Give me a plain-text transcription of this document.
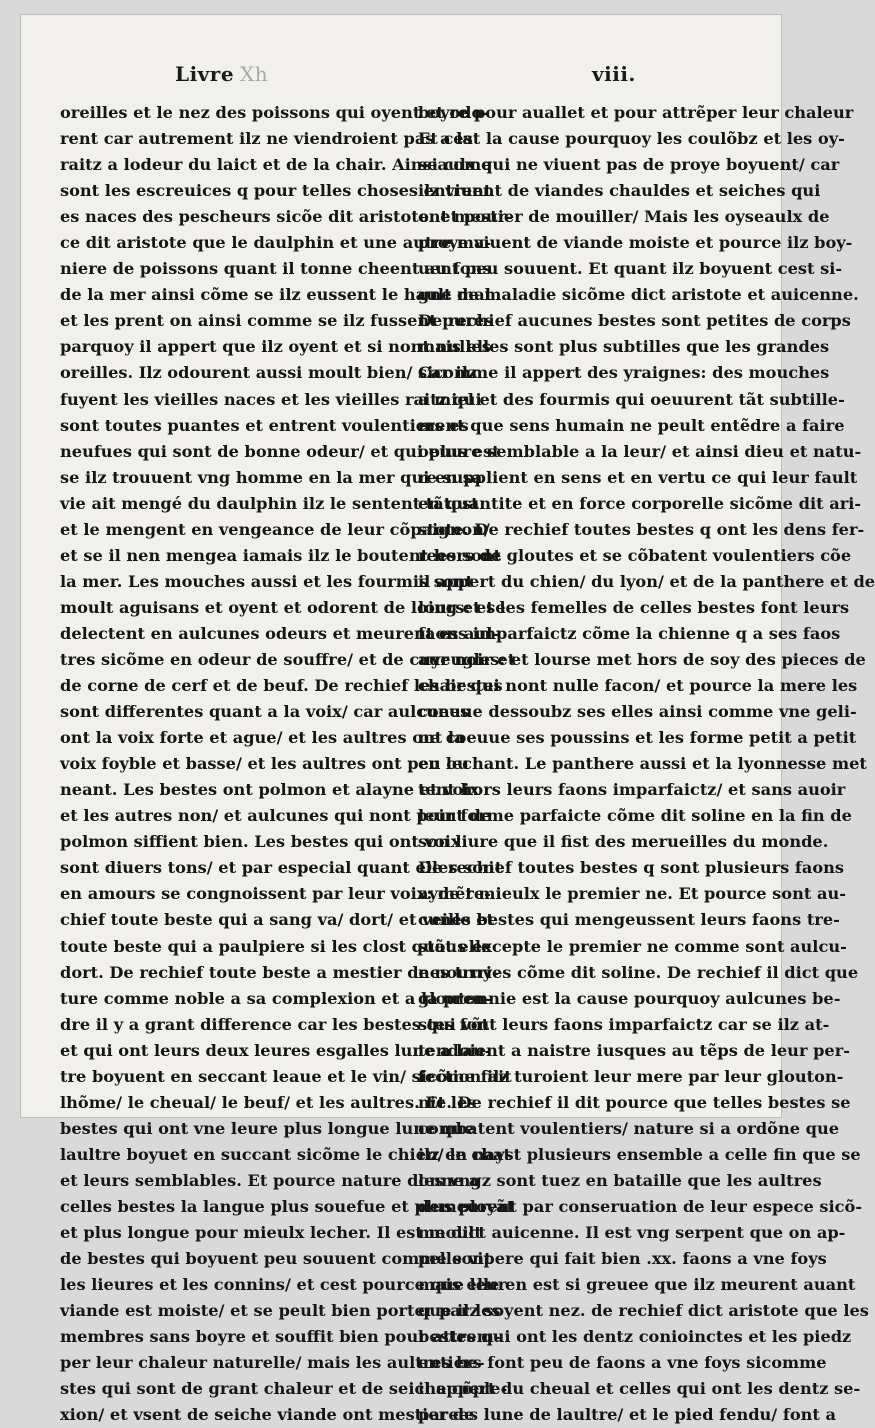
Livre Xh	viii.
oreilles et le nez des poissons qui oyent et odo-
rent car autrement ilz ne viendroient pas a la
raitz a lodeur du laict et de la chair. Ainsi come
sont les escreuices q pour telles choses entrent
es naces des pescheurs sicõe dit aristote. et pour-
ce dit aristote que le daulphin et une autre ma-
niere de poissons quant il tonne cheent au fons
de la mer ainsi cõme se ilz eussent le hault mal
et les prent on ainsi comme se ilz fussent pures
parquoy il appert que ilz oyent et si nont nulles
oreilles. Ilz odourent aussi moult bien/ Car ilz
fuyent les vieilles naces et les vieilles raitz qui
sont toutes puantes et entrent voulentiers es
neufues qui sont de bonne odeur/ et qui plus est
se ilz trouuent vng homme en la mer qui en sa
vie ait mengé du daulphin ilz le sentent tãtost
et le mengent en vengeance de leur cõpaignon/
et se il nen mengea iamais ilz le boutent hors de
la mer. Les mouches aussi et les fourmis sont
moult aguisans et oyent et odorent de loing et se
delectent en aulcunes odeurs et meurent es aul-
tres sicõme en odeur de souffre/ et de cuyr noir et
de corne de cerf et de beuf. De rechief les bestes
sont differentes quant a la voix/ car aulcunes
ont la voix forte et ague/ et les aultres ont la
voix foyble et basse/ et les aultres ont peu ou
neant. Les bestes ont polmon et alayne et voix
et les autres non/ et aulcunes qui nont point de
polmon siffient bien. Les bestes qui ont voix
sont diuers tons/ et par especial quant elles sont
en amours se congnoissent par leur voix: de re-
chief toute beste qui a sang va/ dort/ et veille et
toute beste qui a paulpiere si les clost quãt elle
dort. De rechief toute beste a mestier de nourri-
ture comme noble a sa complexion et a la pren-
dre il y a grant difference car les bestes qui võt
et qui ont leurs deux leures esgalles lune a lau-
tre boyuent en seccant leaue et le vin/ sicõme fait
lhõme/ le cheual/ le beuf/ et les aultres. Et les
bestes qui ont vne leure plus longue lune que
laultre boyuet en succant sicõme le chien/ le chat
et leurs semblables. Et pource nature donne a
celles bestes la langue plus souefue et plus ployãt
et plus longue pour mieulx lecher. Il est moult
de bestes qui boyuent peu souuent comme sont
les lieures et les connins/ et cest pource que leur
viande est moiste/ et se peult bien porter par les
membres sans boyre et souffit bien pour attrem-
per leur chaleur naturelle/ mais les aultres be-
stes qui sont de grant chaleur et de seiche cõple-
xion/ et vsent de seiche viande ont mestier de
boyre pour auallet et pour attrẽper leur chaleur
Et cest la cause pourquoy les coulõbz et les oy-
seaulx qui ne viuent pas de proye boyuent/ car
ilz viuent de viandes chauldes et seiches qui
ont mestier de mouiller/ Mais les oyseaulx de
proye viuent de viande moiste et pource ilz boy-
uent peu souuent. Et quant ilz boyuent cest si-
gne de maladie sicõme dict aristote et auicenne.
De rechief aucunes bestes sont petites de corps
mais elles sont plus subtilles que les grandes
sicomme il appert des yraignes: des mouches
a miel et des fourmis qui oeuurent tãt subtille-
ment que sens humain ne peult entẽdre a faire
oeuure semblable a la leur/ et ainsi dieu et natu-
re supplient en sens et en vertu ce qui leur fault
en quantite et en force corporelle sicõme dit ari-
stote. De rechief toutes bestes q ont les dens fer-
rees sont gloutes et se cõbatent voulentiers cõe
il appert du chien/ du lyon/ et de la panthere et de
lours: et les femelles de celles bestes font leurs
faons imparfaictz cõme la chienne q a ses faos
aueugles: et lourse met hors de soy des pieces de
chair qui nont nulle facon/ et pource la mere les
coeuue dessoubz ses elles ainsi comme vne geli-
ne coeuue ses poussins et les forme petit a petit
en lechant. Le panthere aussi et la lyonnesse met
tent hors leurs faons imparfaictz/ et sans auoir
leur forme parfaicte cõme dit soline en la fin de
son liure que il fist des merueilles du monde.
De rechief toutes bestes q sont plusieurs faons
aymẽt mieulx le premier ne. Et pource sont au-
cunes bestes qui mengeussent leurs faons tre-
stous excepte le premier ne comme sont aulcu-
nes truyes cõme dit soline. De rechief il dict que
gloutonnie est la cause pourquoy aulcunes be-
stes font leurs faons imparfaictz car se ilz at-
tendoient a naistre iusques au tẽps de leur per-
fection ilz turoient leur mere par leur glouton-
nie. De rechief il dit pource que telles bestes se
combatent voulentiers/ nature si a ordõne que
ilz en nayst plusieurs ensemble a celle fin que se
les vngz sont tuez en bataille que les aultres
demeurent par conseruation de leur espece sicõ-
me dict auicenne. Il est vng serpent que on ap-
pelle vipere qui fait bien .xx. faons a vne foys
mais elle en est si greuee que ilz meurent auant
que ilz soyent nez. de rechief dict aristote que les
bestes qui ont les dentz conioinctes et les piedz
entiers font peu de faons a vne foys sicomme
il appert du cheual et celles qui ont les dentz se-
parees lune de laultre/ et le pied fendu/ font a
